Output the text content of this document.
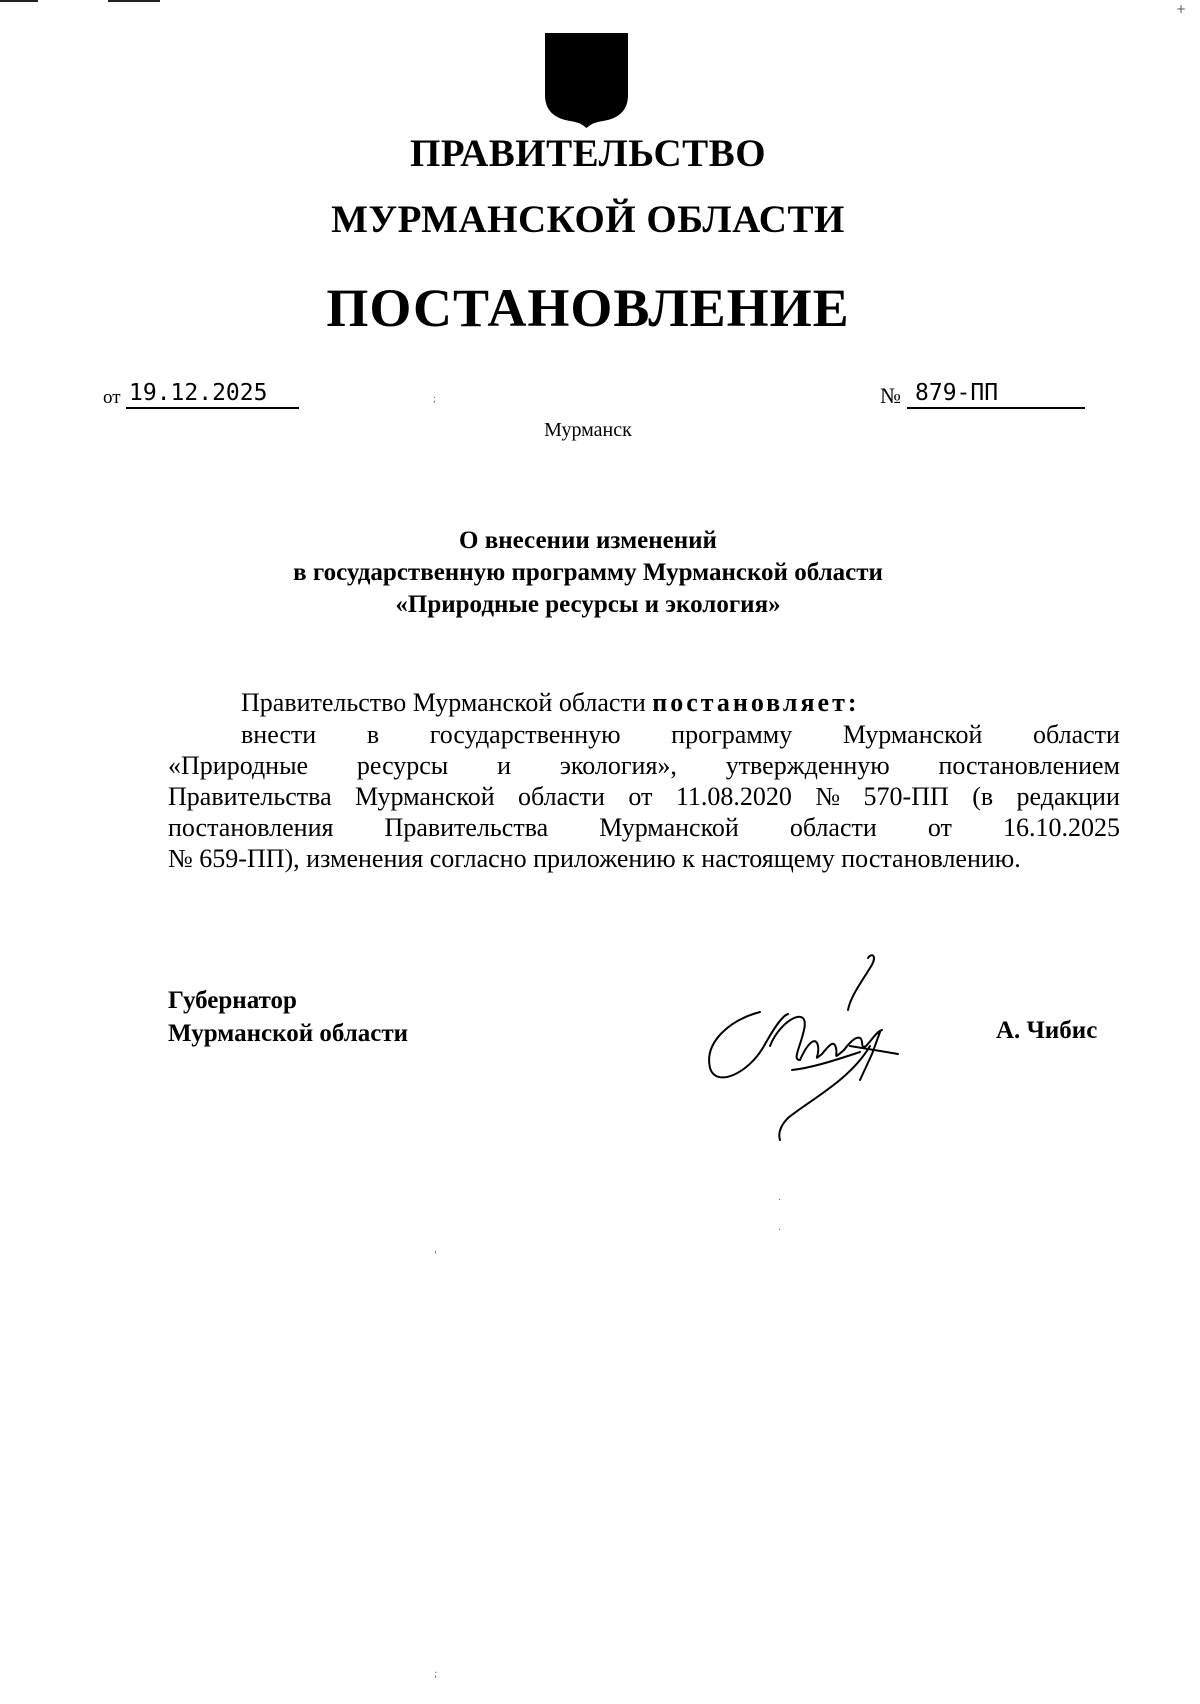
+
ПРАВИТЕЛЬСТВО
МУРМАНСКОЙ ОБЛАСТИ
ПОСТАНОВЛЕНИЕ
от 19.12.2025	;	№ 879-ПП
Мурманск
О внесении изменений
в государственную программу Мурманской области
«Природные ресурсы и экология»
Правительство Мурманской области постановляет:
внести в государственную программу Мурманской области
«Природные ресурсы и экология», утвержденную постановлением
Правительства Мурманской области от 11.08.2020 № 570-ПП (в редакции
постановления Правительства Мурманской области от 16.10.2025
№ 659-ПП), изменения согласно приложению к настоящему постановлению.
Губернатор
Мурманской области	А. Чибис
·
·
'
;
